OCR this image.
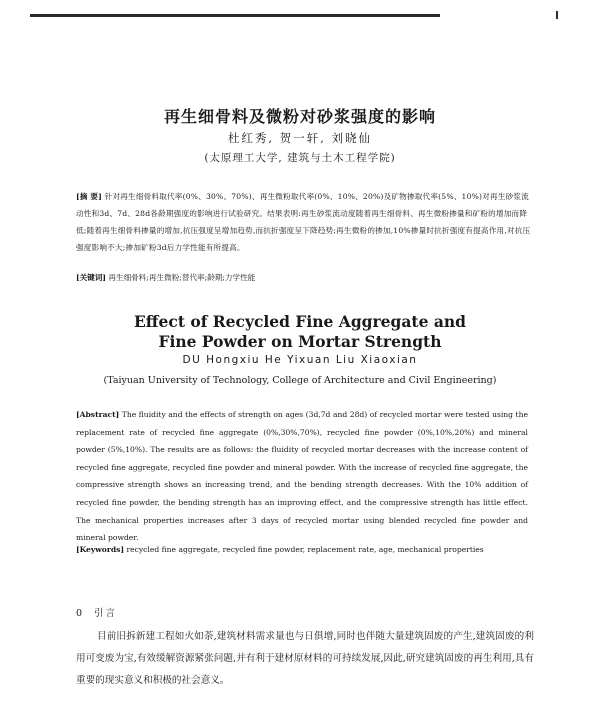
再生细骨料及微粉对砂浆强度的影响
杜红秀, 贺一轩, 刘晓仙
(太原理工大学, 建筑与土木工程学院)
[摘 要] 针对再生细骨料取代率(0%、30%、70%)、再生微粉取代率(0%、10%、20%)及矿物掺取代率(5%、10%)对再生砂浆流动性和3d、7d、28d各龄期强度的影响进行试验研究。结果表明:再生砂浆流动度随着再生细骨料、再生微粉掺量和矿粉的增加而降低;随着再生细骨料掺量的增加,抗压强度呈增加趋势,而抗折强度呈下降趋势;再生微粉的掺加,10%掺量时抗折强度有提高作用,对抗压强度影响不大;掺加矿粉3d后力学性能有所提高。
[关键词] 再生细骨料;再生微粉;替代率;龄期;力学性能
Effect of Recycled Fine Aggregate and
Fine Powder on Mortar Strength
DU Hongxiu He Yixuan Liu Xiaoxian
(Taiyuan University of Technology, College of Architecture and Civil Engineering)
[Abstract] The fluidity and the effects of strength on ages (3d,7d and 28d) of recycled mortar were tested using the replacement rate of recycled fine aggregate (0%,30%,70%), recycled fine powder (0%,10%,20%) and mineral powder (5%,10%). The results are as follows: the fluidity of recycled mortar decreases with the increase content of recycled fine aggregate, recycled fine powder and mineral powder. With the increase of recycled fine aggregate, the compressive strength shows an increasing trend, and the bending strength decreases. With the 10% addition of recycled fine powder, the bending strength has an improving effect, and the compressive strength has little effect. The mechanical properties increases after 3 days of recycled mortar using blended recycled fine powder and mineral powder.
[Keywords] recycled fine aggregate, recycled fine powder, replacement rate, age, mechanical properties
0 引言
目前旧拆新建工程如火如荼,建筑材料需求量也与日俱增,同时也伴随大量建筑固废的产生,建筑固废的利用可变废为宝,有效缓解资源紧张问题,并有利于建材原材料的可持续发展,因此,研究建筑固废的再生利用,具有重要的现实意义和积极的社会意义。
